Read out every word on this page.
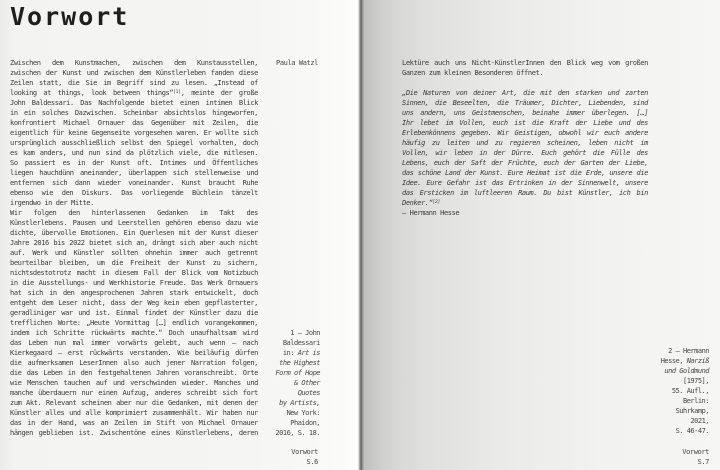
Vorwort
Zwischen dem Kunstmachen, zwischen dem Kunstausstellen,
zwischen der Kunst und zwischen dem Künstlerleben fanden diese
Zeilen statt, die Sie im Begriff sind zu lesen. „Instead of
looking at things, look between things“[1], meinte der große
John Baldessari. Das Nachfolgende bietet einen intimen Blick
in ein solches Dazwischen. Scheinbar absichtslos hingeworfen,
konfrontiert Michael Ornauer das Gegenüber mit Zeilen, die
eigentlich für keine Gegenseite vorgesehen waren. Er wollte sich
ursprünglich ausschließlich selbst den Spiegel vorhalten, doch
es kam anders, und nun sind da plötzlich viele, die mitlesen.
So passiert es in der Kunst oft. Intimes und Öffentliches
liegen hauchdünn aneinander, überlappen sich stellenweise und
entfernen sich dann wieder voneinander. Kunst braucht Ruhe
ebenso wie den Diskurs. Das vorliegende Büchlein tänzelt
irgendwo in der Mitte.
Wir folgen den hinterlassenen Gedanken im Takt des
Künstlerlebens. Pausen und Leerstellen gehören ebenso dazu wie
dichte, übervolle Emotionen. Ein Querlesen mit der Kunst dieser
Jahre 2016 bis 2022 bietet sich an, drängt sich aber auch nicht
auf. Werk und Künstler sollten ohnehin immer auch getrennt
beurteilbar bleiben, um die Freiheit der Kunst zu sichern,
nichtsdestotrotz macht in diesem Fall der Blick vom Notizbuch
in die Ausstellungs- und Werkhistorie Freude. Das Werk Ornauers
hat sich in den angesprochenen Jahren stark entwickelt, doch
entgeht dem Leser nicht, dass der Weg kein eben gepflasterter,
geradliniger war und ist. Einmal findet der Künstler dazu die
trefflichen Worte: „Heute Vormittag […] endlich vorangekommen,
indem ich Schritte rückwärts machte.“ Doch unaufhaltsam wird
das Leben nun mal immer vorwärts gelebt, auch wenn – nach
Kierkegaard – erst rückwärts verstanden. Wie beiläufig dürfen
die aufmerksamen LeserInnen also auch jener Narration folgen,
die das Leben in den festgehaltenen Jahren voranschreibt. Orte
wie Menschen tauchen auf und verschwinden wieder. Manches und
manche überdauern nur einen Aufzug, anderes schreibt sich fort
zum Akt. Relevant scheinen aber nur die Gedanken, mit denen der
Künstler alles und alle komprimiert zusammenhält. Wir haben nur
das in der Hand, was an Zeilen im Stift von Michael Ornauer
hängen geblieben ist. Zwischentöne eines Künstlerlebens, deren
Paula Watzl
1 – John
Baldessari
in: Art is
the Highest
Form of Hope
& Other
Quotes
by Artists,
New York:
Phaidon,
2016, S. 18.
Vorwort
S.6
Lektüre auch uns Nicht-KünstlerInnen den Blick weg vom großen
Ganzen zum kleinen Besonderen öffnet.
„Die Naturen von deiner Art, die mit den starken und zarten
Sinnen, die Beseelten, die Träumer, Dichter, Liebenden, sind
uns andern, uns Geistmenschen, beinahe immer überlegen. […]
Ihr lebet im Vollen, euch ist die Kraft der Liebe und des
Erlebenkönnens gegeben. Wir Geistigen, obwohl wir euch andere
häufig zu leiten und zu regieren scheinen, leben nicht im
Vollen, wir leben in der Dürre. Euch gehört die Fülle des
Lebens, euch der Saft der Früchte, euch der Garten der Liebe,
das schöne Land der Kunst. Eure Heimat ist die Erde, unsere die
Idee. Eure Gefahr ist das Ertrinken in der Sinnenwelt, unsere
das Ersticken im luftleeren Raum. Du bist Künstler, ich bin
Denker.“[2]
– Hermann Hesse
2 – Hermann
Hesse, Narziß
und Goldmund
[1975],
55. Aufl.,
Berlin:
Suhrkamp,
2021,
S. 46-47.
Vorwort
S.7
